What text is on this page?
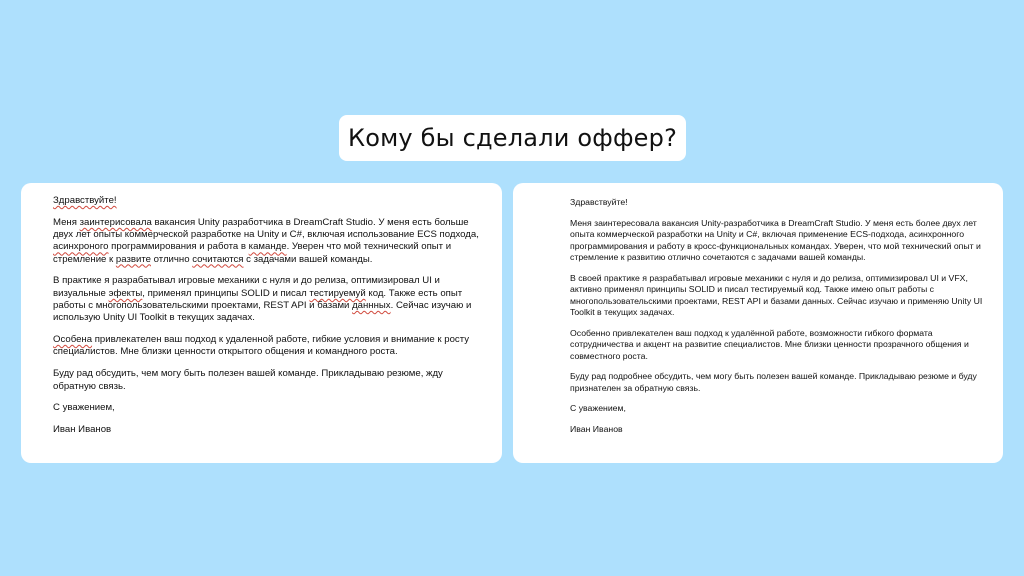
Кому бы сделали оффер?

Здравствуйте!

Меня заинтерисовала вакансия Unity разработчика в DreamCraft Studio. У меня есть больше двух лет опыты коммерческой разработке на Unity и C#, включая использование ECS подхода, асинхроного программирования и работа в каманде. Уверен что мой технический опыт и стремление к развите отлично сочитаются с задачами вашей команды.

В практике я разрабатывал игровые механики с нуля и до релиза, оптимизировал UI и визуальные эфекты, применял принципы SOLID и писал тестируемуй код. Также есть опыт работы с многопользовательскими проектами, REST API и базами даннных. Сейчас изучаю и использую Unity UI Toolkit в текущих задачах.

Особена привлекателен ваш подход к удаленной работе, гибкие условия и внимание к росту специалистов. Мне близки ценности открытого общения и командного роста.

Буду рад обсудить, чем могу быть полезен вашей команде. Прикладываю резюме, жду обратную связь.

С уважением,

Иван Иванов

Здравствуйте!

Меня заинтересовала вакансия Unity-разработчика в DreamCraft Studio. У меня есть более двух лет опыта коммерческой разработки на Unity и C#, включая применение ECS-подхода, асинхронного программирования и работу в кросс-функциональных командах. Уверен, что мой технический опыт и стремление к развитию отлично сочетаются с задачами вашей команды.

В своей практике я разрабатывал игровые механики с нуля и до релиза, оптимизировал UI и VFX, активно применял принципы SOLID и писал тестируемый код. Также имею опыт работы с многопользовательскими проектами, REST API и базами данных. Сейчас изучаю и применяю Unity UI Toolkit в текущих задачах.

Особенно привлекателен ваш подход к удалённой работе, возможности гибкого формата сотрудничества и акцент на развитие специалистов. Мне близки ценности прозрачного общения и совместного роста.

Буду рад подробнее обсудить, чем могу быть полезен вашей команде. Прикладываю резюме и буду признателен за обратную связь.

С уважением,

Иван Иванов
